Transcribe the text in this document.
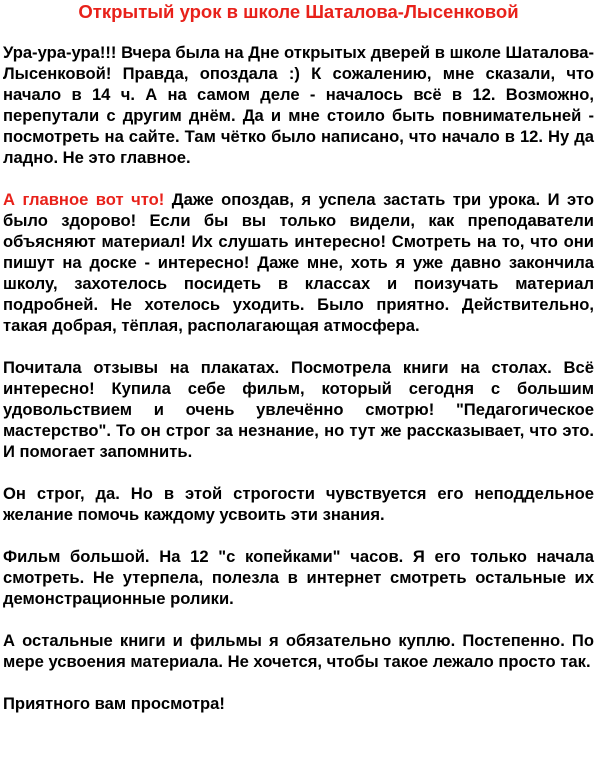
Открытый урок в школе Шаталова-Лысенковой

Ура-ура-ура!!! Вчера была на Дне открытых дверей в школе Шаталова-Лысенковой! Правда, опоздала :) К сожалению, мне сказали, что начало в 14 ч. А на самом деле - началось всё в 12. Возможно, перепутали с другим днём. Да и мне стоило быть повнимательней - посмотреть на сайте. Там чётко было написано, что начало в 12. Ну да ладно. Не это главное.

А главное вот что! Даже опоздав, я успела застать три урока. И это было здорово! Если бы вы только видели, как преподаватели объясняют материал! Их слушать интересно! Смотреть на то, что они пишут на доске - интересно! Даже мне, хоть я уже давно закончила школу, захотелось посидеть в классах и поизучать материал подробней. Не хотелось уходить. Было приятно. Действительно, такая добрая, тёплая, располагающая атмосфера.

Почитала отзывы на плакатах. Посмотрела книги на столах. Всё интересно! Купила себе фильм, который сегодня с большим удовольствием и очень увлечённо смотрю! "Педагогическое мастерство". То он строг за незнание, но тут же рассказывает, что это. И помогает запомнить.

Он строг, да. Но в этой строгости чувствуется его неподдельное желание помочь каждому усвоить эти знания.

Фильм большой. На 12 "с копейками" часов. Я его только начала смотреть. Не утерпела, полезла в интернет смотреть остальные их демонстрационные ролики.

А остальные книги и фильмы я обязательно куплю. Постепенно. По мере усвоения материала. Не хочется, чтобы такое лежало просто так.

Приятного вам просмотра!
